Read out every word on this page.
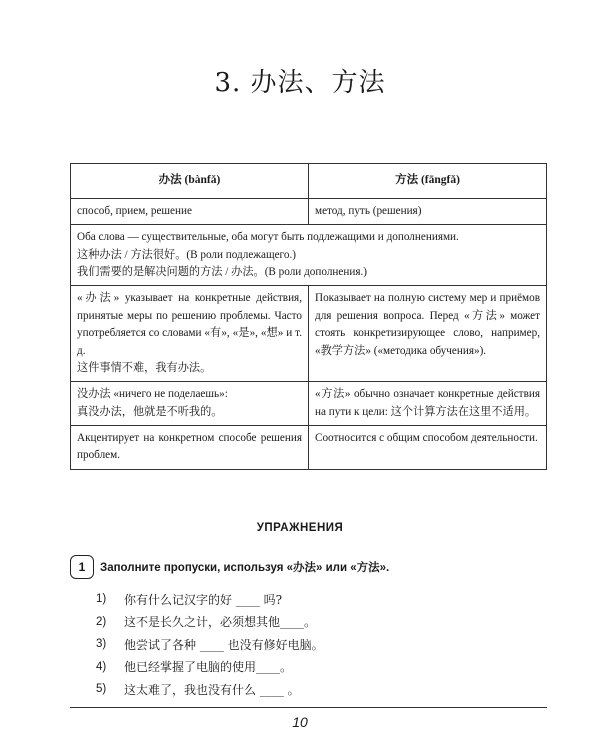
3. 办法、方法
办法 (bànfǎ)	方法 (fāngfǎ)
способ, прием, решение	метод, путь (решения)

Оба слова — существительные, оба могут быть подлежащими и дополнениями.
这种办法 / 方法很好。(В роли подлежащего.)
我们需要的是解决问题的方法 / 办法。(В роли дополнения.)	

«办法» указывает на конкретные действия, принятые меры по решению проблемы. Часто употребляется со словами «有», «是», «想» и т. д.
这件事情不难，我有办法。	Показывает на полную систему мер и приёмов для решения вопроса. Перед «方法» может стоять конкретизирующее слово, например, «教学方法» («методика обучения»).

没办法 «ничего не поделаешь»:
真没办法，他就是不听我的。	«方法» обычно означает конкретные действия на пути к цели: 这个计算方法在这里不适用。
Акцентирует на конкретном способе решения проблем.	Соотносится с общим способом деятельности.
УПРАЖНЕНИЯ
1	Заполните пропуски, используя «办法» или «方法».
1)	你有什么记汉字的好 ____ 吗?
2)	这不是长久之计，必须想其他____。
3)	他尝试了各种 ____ 也没有修好电脑。
4)	他已经掌握了电脑的使用____。
5)	这太难了，我也没有什么 ____ 。
10
